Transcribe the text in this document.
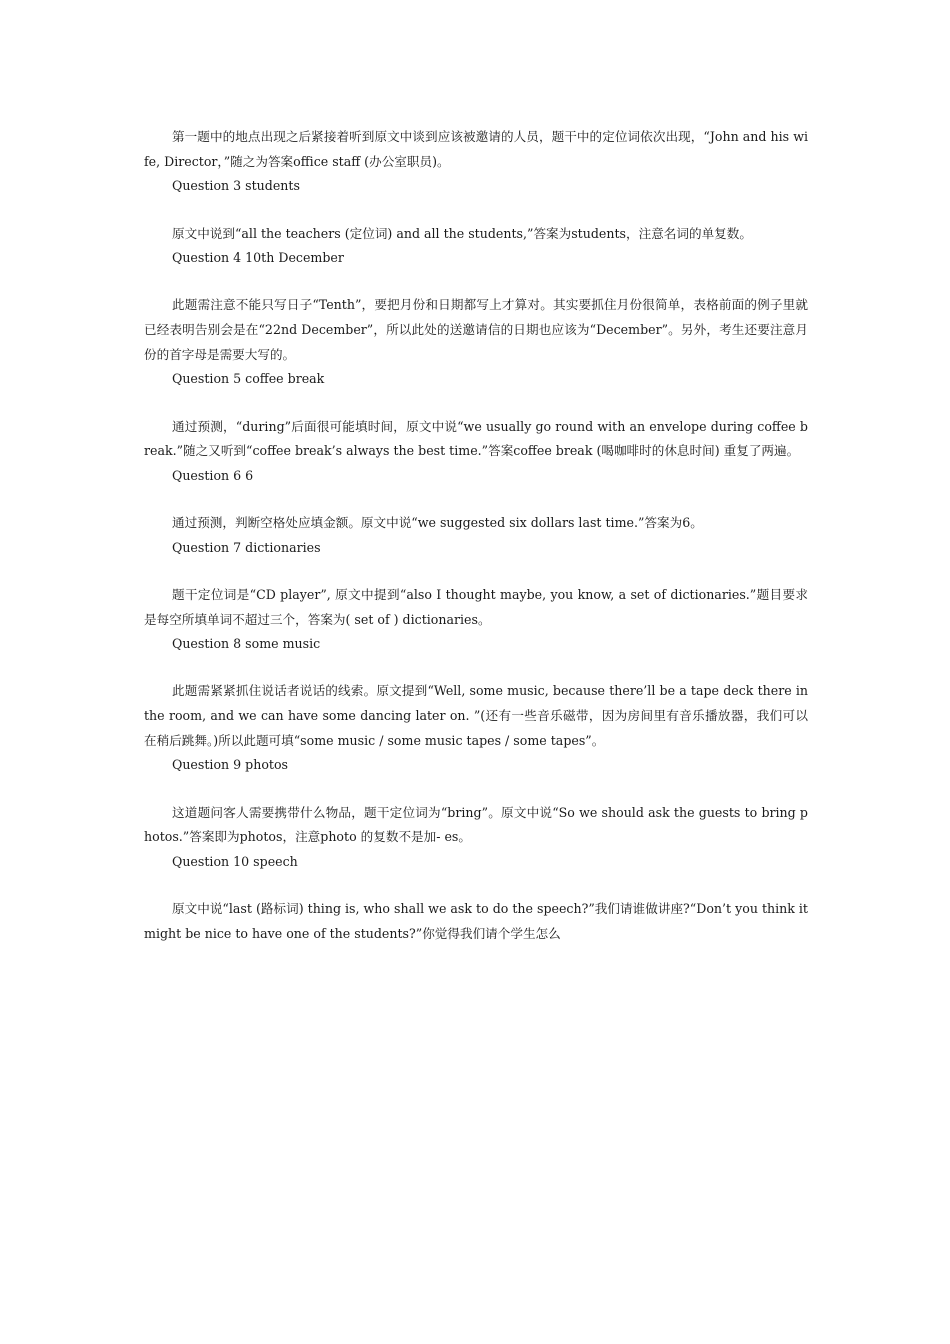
第一题中的地点出现之后紧接着听到原文中谈到应该被邀请的人员，题干中的定位词依次出现，“John and his wife, Director，”随之为答案office staff (办公室职员)。

Question 3 students

原文中说到“all the teachers (定位词) and all the students,”答案为students，注意名词的单复数。

Question 4 10th December

此题需注意不能只写日子“Tenth”，要把月份和日期都写上才算对。其实要抓住月份很简单，表格前面的例子里就已经表明告别会是在“22nd December”，所以此处的送邀请信的日期也应该为“December”。另外，考生还要注意月份的首字母是需要大写的。

Question 5 coffee break

通过预测，“during”后面很可能填时间，原文中说“we usually go round with an envelope during coffee break.”随之又听到“coffee break’s always the best time.”答案coffee break (喝咖啡时的休息时间) 重复了两遍。

Question 6 6

通过预测，判断空格处应填金额。原文中说“we suggested six dollars last time.”答案为6。

Question 7 dictionaries

题干定位词是“CD player”, 原文中提到“also I thought maybe, you know, a set of dictionaries.”题目要求是每空所填单词不超过三个，答案为( set of ) dictionaries。

Question 8 some music

此题需紧紧抓住说话者说话的线索。原文提到“Well, some music, because there’ll be a tape deck there in the room, and we can have some dancing later on. ”(还有一些音乐磁带，因为房间里有音乐播放器，我们可以在稍后跳舞。)所以此题可填“some music / some music tapes / some tapes”。

Question 9 photos

这道题问客人需要携带什么物品，题干定位词为“bring”。原文中说“So we should ask the guests to bring photos.”答案即为photos，注意photo 的复数不是加- es。

Question 10 speech

原文中说“last (路标词) thing is, who shall we ask to do the speech?”我们请谁做讲座?“Don’t you think it might be nice to have one of the students?”你觉得我们请个学生怎么
